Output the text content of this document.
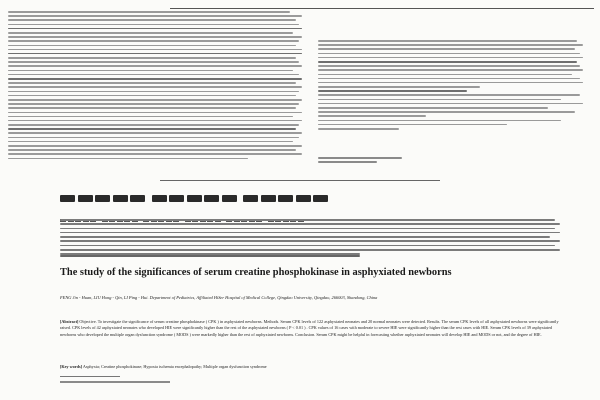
The study of the significances of serum creatine phosphokinase in asphyxiated newborns
FENG Jin - Huan, LIU Hong - Qin, LI Ping - Hui. Department of Pediatrics, Affiliated HiSer Hospital of Medical College, Qingdao University, Qingdao, 266003, Shandong, China
[Abstract] Objective. To investigate the significance of serum creatine phosphokinase ( CPK ) in asphyxiated newborns. Methods. Serum CPK levels of 122 asphyxiated neonates and 20 normal neonates were detected. Results. The serum CPK levels of all asphyxiated newborns were significantly raised. CPK levels of 42 asphyxiated neonates who developed HIE were significantly higher than the rest of the asphyxiated newborns ( P < 0.01 ) . CPK values of 16 cases with moderate to severe HIE were significantly higher than the rest cases with HIE. Serum CPK levels of 39 asphyxiated newborns who developed the multiple organ dysfunction syndrome ( MODS ) were markedly higher than the rest of asphyxiated newborns. Conclusion. Serum CPK might be helpful in forecasting whether asphyxiated neonates will develop HIE and MODS or not, and the degree of HIE.
[Key words] Asphyxia; Creatine phosphokinase; Hypoxia ischemia encephalopathy; Multiple organ dysfunction syndrome
